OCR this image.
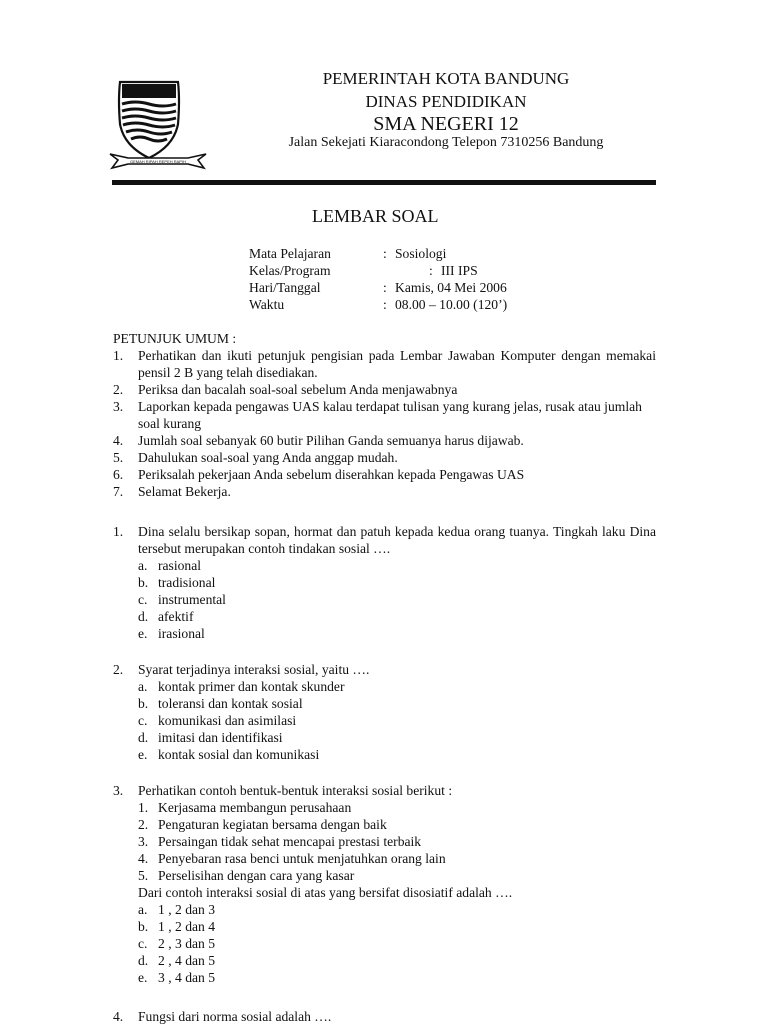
GEMAH RIPAH REPEH RAPIH
PEMERINTAH KOTA BANDUNG
DINAS PENDIDIKAN
SMA NEGERI 12
Jalan Sekejati Kiaracondong Telepon 7310256 Bandung
LEMBAR SOAL
Mata Pelajaran	: Sosiologi
Kelas/Program	: III IPS
Hari/Tanggal	: Kamis, 04 Mei 2006
Waktu	: 08.00 – 10.00 (120’)
PETUNJUK UMUM :
1. Perhatikan dan ikuti petunjuk pengisian pada Lembar Jawaban Komputer dengan memakai pensil 2 B yang telah disediakan.
2. Periksa dan bacalah soal-soal sebelum Anda menjawabnya
3. Laporkan kepada pengawas UAS kalau terdapat tulisan yang kurang jelas, rusak atau jumlah soal kurang
4. Jumlah soal sebanyak 60 butir Pilihan Ganda semuanya harus dijawab.
5. Dahulukan soal-soal yang Anda anggap mudah.
6. Periksalah pekerjaan Anda sebelum diserahkan kepada Pengawas UAS
7. Selamat Bekerja.
1. Dina selalu bersikap sopan, hormat dan patuh kepada kedua orang tuanya. Tingkah laku Dina tersebut merupakan contoh tindakan sosial ….
a. rasional
b. tradisional
c. instrumental
d. afektif
e. irasional
2. Syarat terjadinya interaksi sosial, yaitu ….
a. kontak primer dan kontak skunder
b. toleransi dan kontak sosial
c. komunikasi dan asimilasi
d. imitasi dan identifikasi
e. kontak sosial dan komunikasi
3. Perhatikan contoh bentuk-bentuk interaksi sosial berikut :
1. Kerjasama membangun perusahaan
2. Pengaturan kegiatan bersama dengan baik
3. Persaingan tidak sehat mencapai prestasi terbaik
4. Penyebaran rasa benci untuk menjatuhkan orang lain
5. Perselisihan dengan cara yang kasar
Dari contoh interaksi sosial di atas yang bersifat disosiatif adalah ….
a. 1 , 2 dan 3
b. 1 , 2 dan 4
c. 2 , 3 dan 5
d. 2 , 4 dan 5
e. 3 , 4 dan 5
4. Fungsi dari norma sosial adalah ….
